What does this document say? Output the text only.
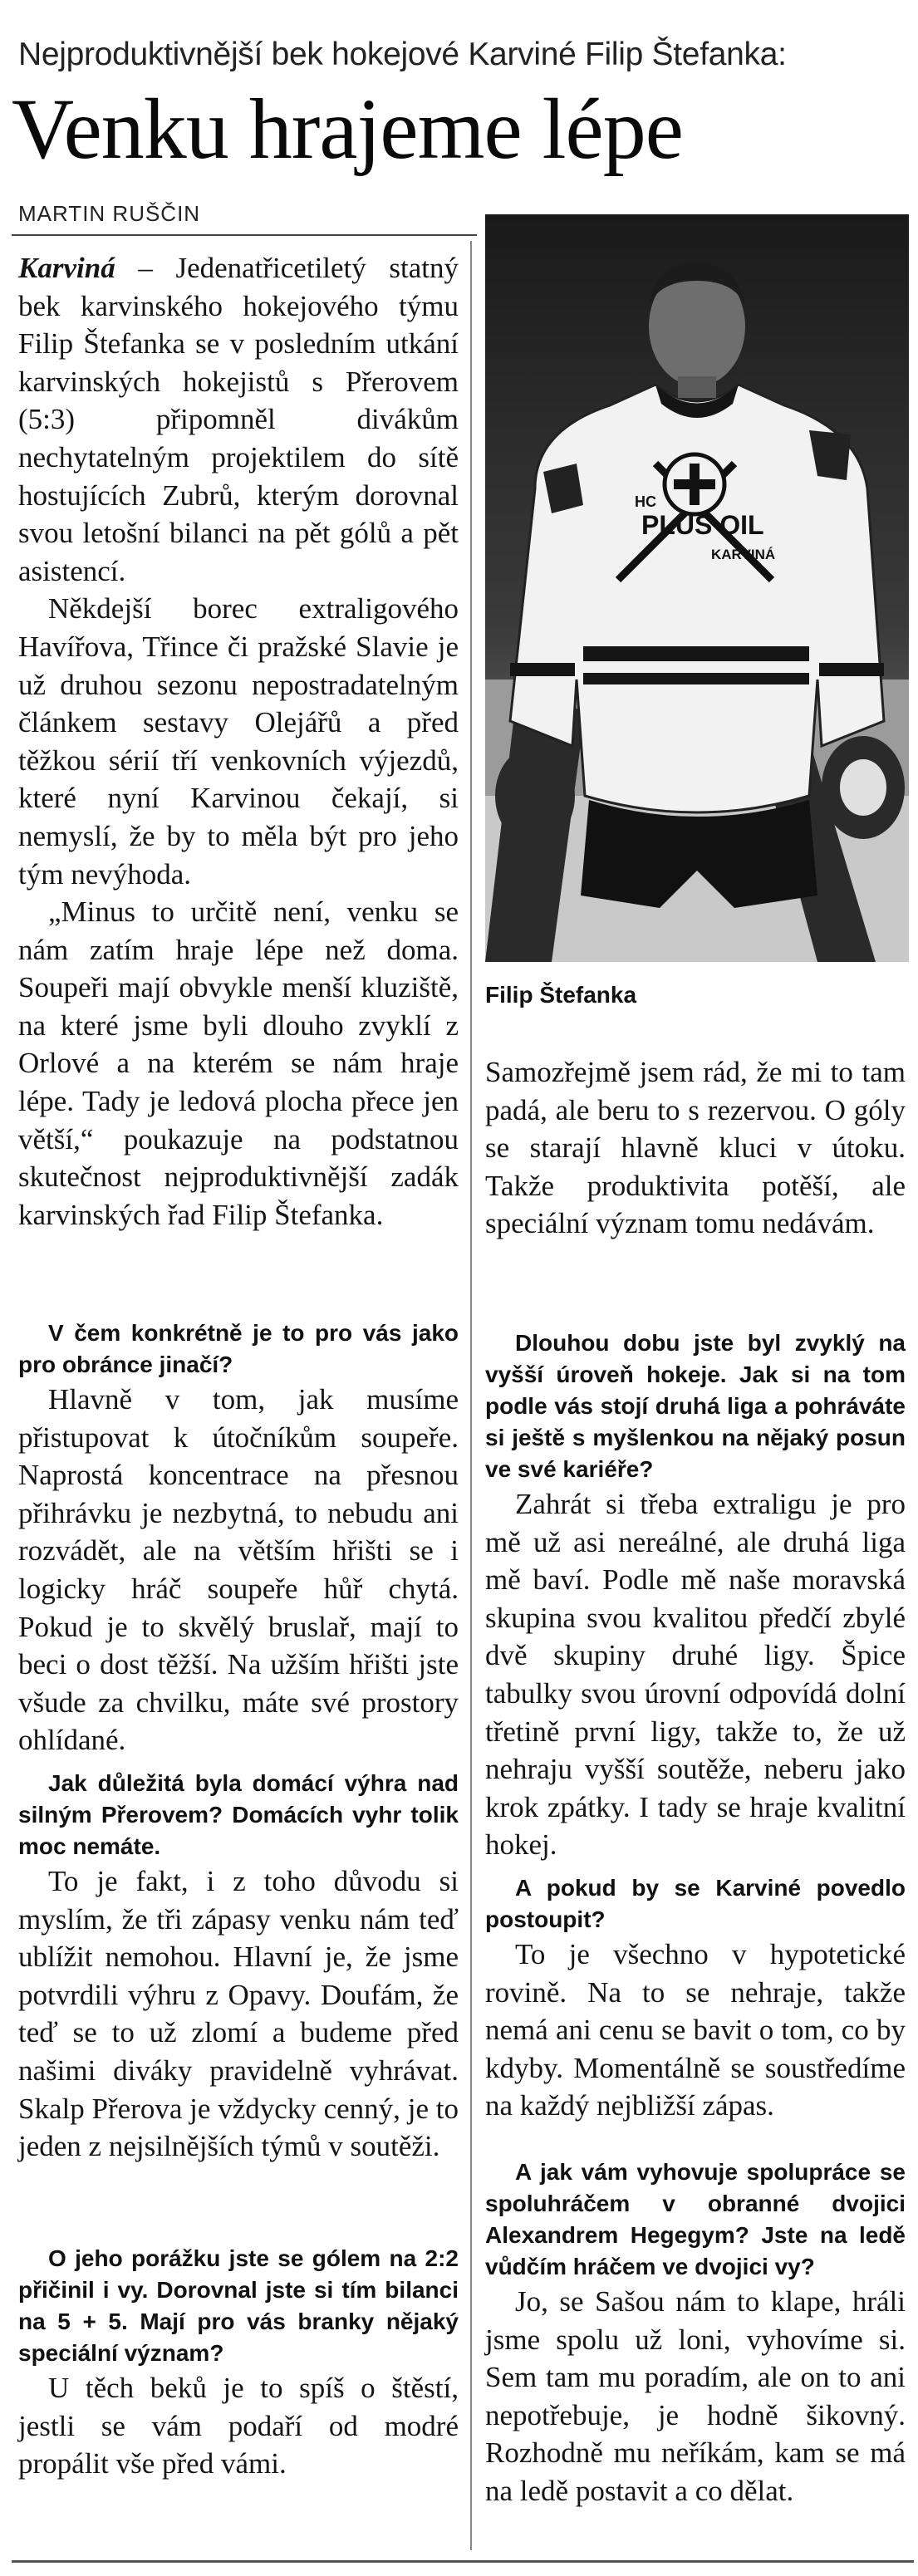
Nejproduktivnější bek hokejové Karviné Filip Štefanka:
Venku hrajeme lépe
MARTIN RUŠČIN

Karviná – Jedenatřicetiletý statný bek karvinského hokejového týmu Filip Štefanka se v posledním utkání karvinských hokejistů s Přerovem (5:3) připomněl divákům nechytatelným projektilem do sítě hostujících Zubrů, kterým dorovnal svou letošní bilanci na pět gólů a pět asistencí.

Někdejší borec extraligového Havířova, Třince či pražské Slavie je už druhou sezonu nepostradatelným článkem sestavy Olejářů a před těžkou sérií tří venkovních výjezdů, které nyní Karvinou čekají, si nemyslí, že by to měla být pro jeho tým nevýhoda.

„Minus to určitě není, venku se nám zatím hraje lépe než doma. Soupeři mají obvykle menší kluziště, na které jsme byli dlouho zvyklí z Orlové a na kterém se nám hraje lépe. Tady je ledová plocha přece jen větší,“ poukazuje na podstatnou skutečnost nejproduktivnější zadák karvinských řad Filip Štefanka.

V čem konkrétně je to pro vás jako pro obránce jinačí?

Hlavně v tom, jak musíme přistupovat k útočníkům soupeře. Naprostá koncentrace na přesnou přihrávku je nezbytná, to nebudu ani rozvádět, ale na větším hřišti se i logicky hráč soupeře hůř chytá. Pokud je to skvělý bruslař, mají to beci o dost těžší. Na užším hřišti jste všude za chvilku, máte své prostory ohlídané.

Jak důležitá byla domácí výhra nad silným Přerovem? Domácích vyhr tolik moc nemáte.

To je fakt, i z toho důvodu si myslím, že tři zápasy venku nám teď ublížit nemohou. Hlavní je, že jsme potvrdili výhru z Opavy. Doufám, že teď se to už zlomí a budeme před našimi diváky pravidelně vyhrávat. Skalp Přerova je vždycky cenný, je to jeden z nejsilnějších týmů v soutěži.

O jeho porážku jste se gólem na 2:2 přičinil i vy. Dorovnal jste si tím bilanci na 5 + 5. Mají pro vás branky nějaký speciální význam?

U těch beků je to spíš o štěstí, jestli se vám podaří od modré propálit vše před vámi.

HC
PLUS OIL
KARVINÁ
Filip Štefanka

Samozřejmě jsem rád, že mi to tam padá, ale beru to s rezervou. O góly se starají hlavně kluci v útoku. Takže produktivita potěší, ale speciální význam tomu nedávám.

Dlouhou dobu jste byl zvyklý na vyšší úroveň hokeje. Jak si na tom podle vás stojí druhá liga a pohráváte si ještě s myšlenkou na nějaký posun ve své kariéře?

Zahrát si třeba extraligu je pro mě už asi nereálné, ale druhá liga mě baví. Podle mě naše moravská skupina svou kvalitou předčí zbylé dvě skupiny druhé ligy. Špice tabulky svou úrovní odpovídá dolní třetině první ligy, takže to, že už nehraju vyšší soutěže, neberu jako krok zpátky. I tady se hraje kvalitní hokej.

A pokud by se Karviné povedlo postoupit?

To je všechno v hypotetické rovině. Na to se nehraje, takže nemá ani cenu se bavit o tom, co by kdyby. Momentálně se soustředíme na každý nejbližší zápas.

A jak vám vyhovuje spolupráce se spoluhráčem v obranné dvojici Alexandrem Hegegym? Jste na ledě vůdčím hráčem ve dvojici vy?

Jo, se Sašou nám to klape, hráli jsme spolu už loni, vyhovíme si. Sem tam mu poradím, ale on to ani nepotřebuje, je hodně šikovný. Rozhodně mu neříkám, kam se má na ledě postavit a co dělat.
